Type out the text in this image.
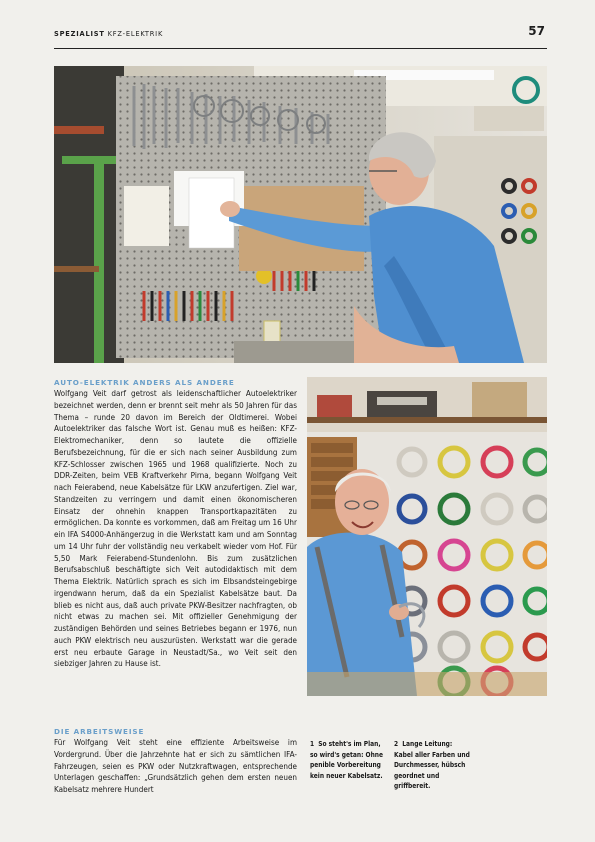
SPEZIALIST KFZ-ELEKTRIK	57
AUTO-ELEKTRIK ANDERS ALS ANDERE
Wolfgang Veit darf getrost als leidenschaftlicher Autoelektriker bezeichnet werden, denn er brennt seit mehr als 50 Jahren für das Thema – runde 20 davon im Bereich der Oldtimerei. Wobei Autoelektriker das falsche Wort ist. Genau muß es heißen: KFZ-Elektromechaniker, denn so lautete die offizielle Berufsbezeichnung, für die er sich nach seiner Ausbildung zum KFZ-Schlosser zwischen 1965 und 1968 qualifizierte. Noch zu DDR-Zeiten, beim VEB Kraftverkehr Pirna, begann Wolfgang Veit nach Feierabend, neue Kabelsätze für LKW anzufertigen. Ziel war, Standzeiten zu verringern und damit einen ökonomischeren Einsatz der ohnehin knappen Transportkapazitäten zu ermöglichen. Da konnte es vorkommen, daß am Freitag um 16 Uhr ein IFA S4000-Anhängerzug in die Werkstatt kam und am Sonntag um 14 Uhr fuhr der vollständig neu verkabelt wieder vom Hof. Für 5,50 Mark Feierabend-Stundenlohn. Bis zum zusätzlichen Berufsabschluß beschäftigte sich Veit autodidaktisch mit dem Thema Elektrik. Natürlich sprach es sich im Elbsandsteingebirge irgendwann herum, daß da ein Spezialist Kabelsätze baut. Da blieb es nicht aus, daß auch private PKW-Besitzer nachfragten, ob nicht etwas zu machen sei. Mit offizieller Genehmigung der zuständigen Behörden und seines Betriebes begann er 1976, nun auch PKW elektrisch neu auszurüsten. Werkstatt war die gerade erst neu erbaute Garage in Neustadt/Sa., wo Veit seit den siebziger Jahren zu Hause ist.
DIE ARBEITSWEISE
Für Wolfgang Veit steht eine effiziente Arbeitsweise im Vordergrund. Über die Jahrzehnte hat er sich zu sämtlichen IFA-Fahrzeugen, seien es PKW oder Nutzkraftwagen, entsprechende Unterlagen geschaffen: „Grundsätzlich gehen dem ersten neuen Kabelsatz mehrere Hundert
1 So steht's im Plan, so wird's getan: Ohne penible Vorbereitung kein neuer Kabelsatz.
2 Lange Leitung: Kabel aller Farben und Durchmesser, hübsch geordnet und griffbereit.
